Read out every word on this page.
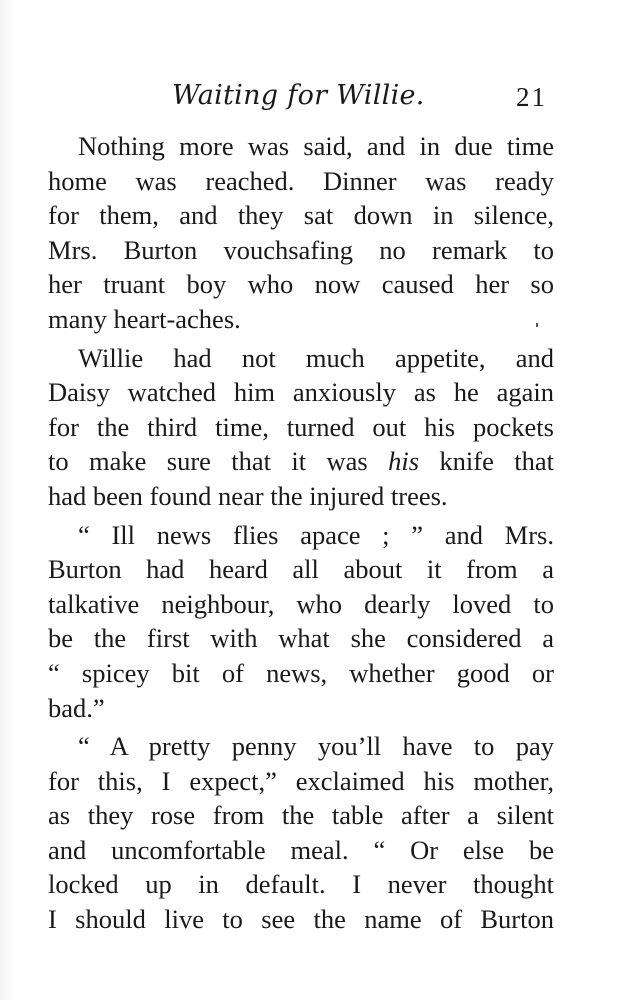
Waiting for Willie.	21
Nothing more was said, and in due time
home was reached. Dinner was ready
for them, and they sat down in silence,
Mrs. Burton vouchsafing no remark to
her truant boy who now caused her so
many heart-aches.
Willie had not much appetite, and
Daisy watched him anxiously as he again
for the third time, turned out his pockets
to make sure that it was his knife that
had been found near the injured trees.
“ Ill news flies apace ; ” and Mrs.
Burton had heard all about it from a
talkative neighbour, who dearly loved to
be the first with what she considered a
“ spicey bit of news, whether good or
bad.”
“ A pretty penny you’ll have to pay
for this, I expect,” exclaimed his mother,
as they rose from the table after a silent
and uncomfortable meal. “ Or else be
locked up in default. I never thought
I should live to see the name of Burton
